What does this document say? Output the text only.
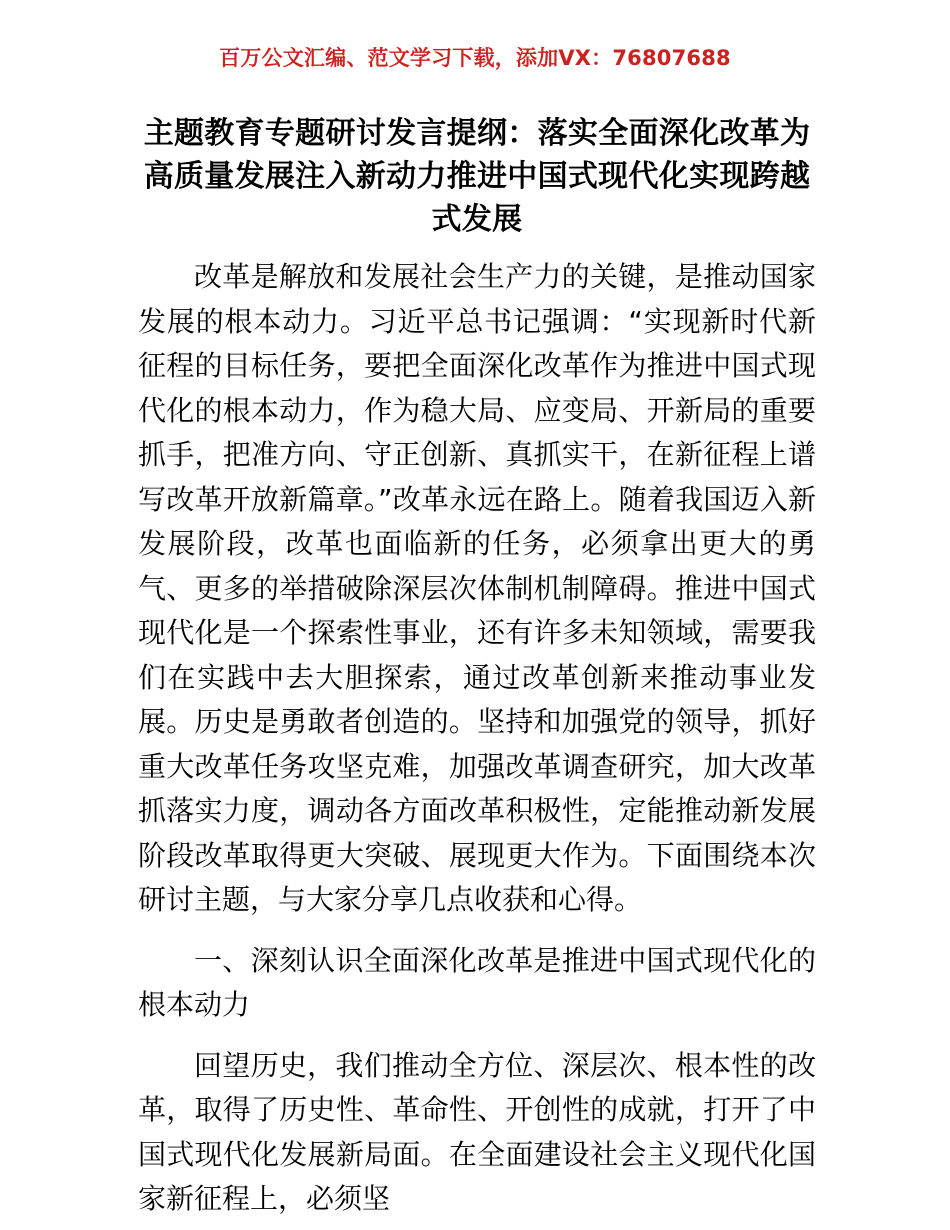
百万公文汇编、范文学习下载，添加VX：76807688
主题教育专题研讨发言提纲：落实全面深化改革为高质量发展注入新动力推进中国式现代化实现跨越式发展

改革是解放和发展社会生产力的关键，是推动国家发展的根本动力。习近平总书记强调：“实现新时代新征程的目标任务，要把全面深化改革作为推进中国式现代化的根本动力，作为稳大局、应变局、开新局的重要抓手，把准方向、守正创新、真抓实干，在新征程上谱写改革开放新篇章。”改革永远在路上。随着我国迈入新发展阶段，改革也面临新的任务，必须拿出更大的勇气、更多的举措破除深层次体制机制障碍。推进中国式现代化是一个探索性事业，还有许多未知领域，需要我们在实践中去大胆探索，通过改革创新来推动事业发展。历史是勇敢者创造的。坚持和加强党的领导，抓好重大改革任务攻坚克难，加强改革调查研究，加大改革抓落实力度，调动各方面改革积极性，定能推动新发展阶段改革取得更大突破、展现更大作为。下面围绕本次研讨主题，与大家分享几点收获和心得。

一、深刻认识全面深化改革是推进中国式现代化的根本动力

回望历史，我们推动全方位、深层次、根本性的改革，取得了历史性、革命性、开创性的成就，打开了中国式现代化发展新局面。在全面建设社会主义现代化国家新征程上，必须坚
